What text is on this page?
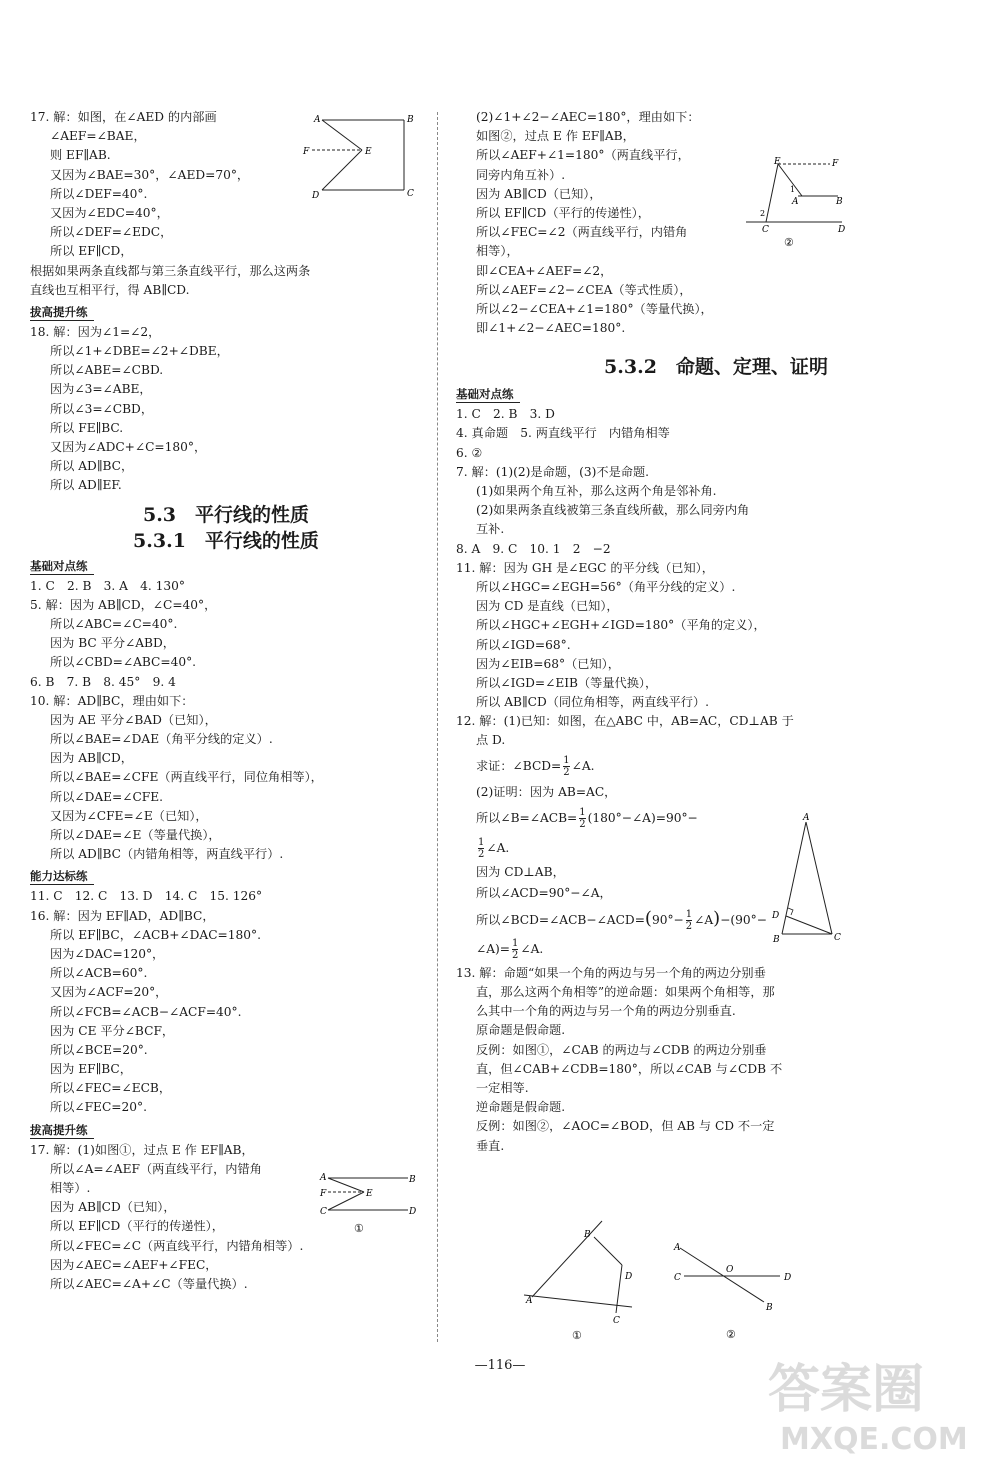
17. 解：如图，在∠AED 的内部画
∠AEF=∠BAE，
则 EF∥AB.
又因为∠BAE=30°，∠AED=70°，
所以∠DEF=40°.
又因为∠EDC=40°，
所以∠DEF=∠EDC，
所以 EF∥CD，
根据如果两条直线都与第三条直线平行，那么这两条
直线也互相平行，得 AB∥CD.
拔高提升练
18. 解：因为∠1=∠2，
所以∠1+∠DBE=∠2+∠DBE，
所以∠ABE=∠CBD.
因为∠3=∠ABE，
所以∠3=∠CBD，
所以 FE∥BC.
又因为∠ADC+∠C=180°，
所以 AD∥BC，
所以 AD∥EF.
5.3　平行线的性质
5.3.1　平行线的性质
基础对点练
1. C　2. B　3. A　4. 130°
5. 解：因为 AB∥CD，∠C=40°，
所以∠ABC=∠C=40°.
因为 BC 平分∠ABD，
所以∠CBD=∠ABC=40°.
6. B　7. B　8. 45°　9. 4
10. 解：AD∥BC，理由如下：
因为 AE 平分∠BAD（已知），
所以∠BAE=∠DAE（角平分线的定义）.
因为 AB∥CD，
所以∠BAE=∠CFE（两直线平行，同位角相等），
所以∠DAE=∠CFE.
又因为∠CFE=∠E（已知），
所以∠DAE=∠E（等量代换），
所以 AD∥BC（内错角相等，两直线平行）.
能力达标练
11. C　12. C　13. D　14. C　15. 126°
16. 解：因为 EF∥AD，AD∥BC，
所以 EF∥BC，∠ACB+∠DAC=180°.
因为∠DAC=120°，
所以∠ACB=60°.
又因为∠ACF=20°，
所以∠FCB=∠ACB−∠ACF=40°.
因为 CE 平分∠BCF，
所以∠BCE=20°.
因为 EF∥BC，
所以∠FEC=∠ECB，
所以∠FEC=20°.
拔高提升练
17. 解：(1)如图①，过点 E 作 EF∥AB，
所以∠A=∠AEF（两直线平行，内错角
相等）.
因为 AB∥CD（已知），
所以 EF∥CD（平行的传递性），
所以∠FEC=∠C（两直线平行，内错角相等）.
因为∠AEC=∠AEF+∠FEC，
所以∠AEC=∠A+∠C（等量代换）.
(2)∠1+∠2−∠AEC=180°，理由如下：
如图②，过点 E 作 EF∥AB，
所以∠AEF+∠1=180°（两直线平行，
同旁内角互补）.
因为 AB∥CD（已知），
所以 EF∥CD（平行的传递性），
所以∠FEC=∠2（两直线平行，内错角
相等），
即∠CEA+∠AEF=∠2，
所以∠AEF=∠2−∠CEA（等式性质），
所以∠2−∠CEA+∠1=180°（等量代换），
即∠1+∠2−∠AEC=180°.
5.3.2　命题、定理、证明
基础对点练
1. C　2. B　3. D
4. 真命题　5. 两直线平行　内错角相等
6. ②
7. 解：(1)(2)是命题，(3)不是命题.
(1)如果两个角互补，那么这两个角是邻补角.
(2)如果两条直线被第三条直线所截，那么同旁内角
互补.
8. A　9. C　10. 1　2　−2
11. 解：因为 GH 是∠EGC 的平分线（已知），
所以∠HGC=∠EGH=56°（角平分线的定义）.
因为 CD 是直线（已知），
所以∠HGC+∠EGH+∠IGD=180°（平角的定义），
所以∠IGD=68°.
因为∠EIB=68°（已知），
所以∠IGD=∠EIB（等量代换），
所以 AB∥CD（同位角相等，两直线平行）.
12. 解：(1)已知：如图，在△ABC 中，AB=AC，CD⊥AB 于
点 D.
求证：∠BCD= $\frac{1}{2}$ ∠A.
(2)证明：因为 AB=AC，
所以∠B=∠ACB= $\frac{1}{2}$ (180°−∠A)=90°−
$\frac{1}{2}$ ∠A.
因为 CD⊥AB，
所以∠ACD=90°−∠A，
所以∠BCD=∠ACB−∠ACD=(90°− $\frac{1}{2}$ ∠A)−(90°−
∠A)= $\frac{1}{2}$ ∠A.
13. 解：命题“如果一个角的两边与另一个角的两边分别垂
直，那么这两个角相等”的逆命题：如果两个角相等，那
么其中一个角的两边与另一个角的两边分别垂直.
原命题是假命题.
反例：如图①，∠CAB 的两边与∠CDB 的两边分别垂
直，但∠CAB+∠CDB=180°，所以∠CAB 与∠CDB 不
一定相等.
逆命题是假命题.
反例：如图②，∠AOC=∠BOD，但 AB 与 CD 不一定
垂直.
A	B
C
D
E
F
E	F
1
A	B
2
C	D
②
A	B
F	E
C	D
①
A
D
B	C
B
A
D
C
①
A
C
O
D
B
②
—116—	答案圈
MXQE.COM
